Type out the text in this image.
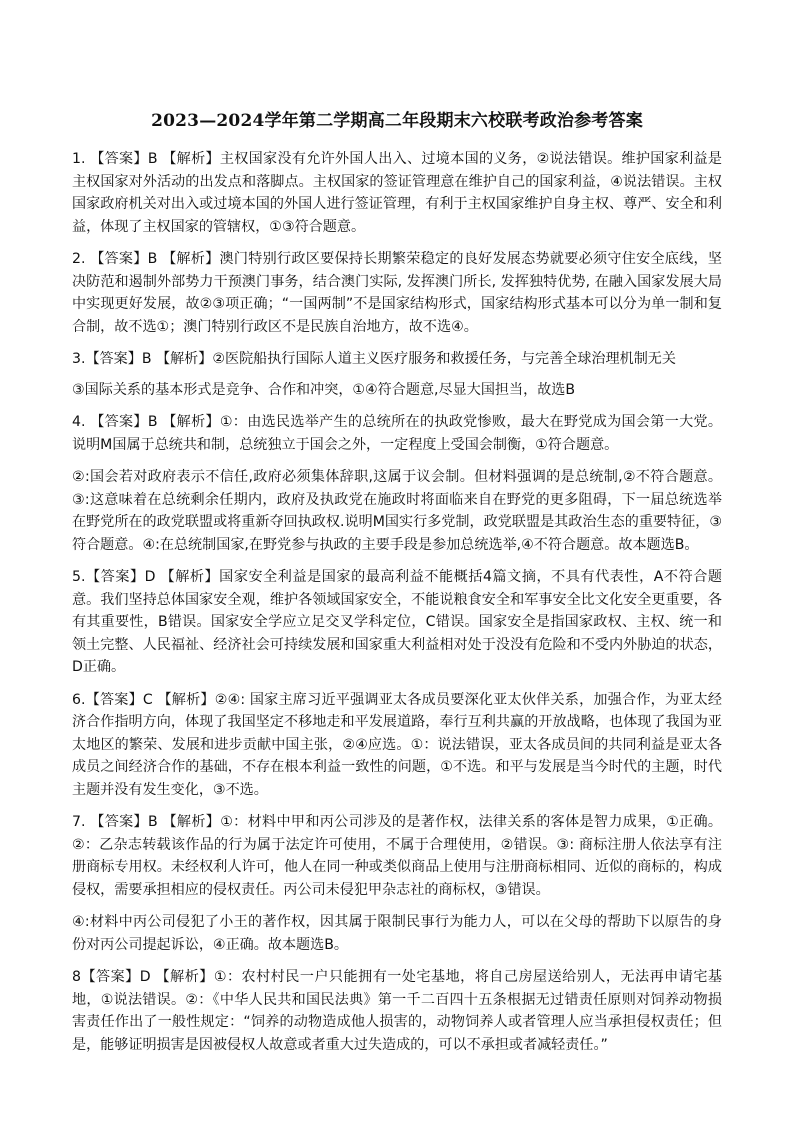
2023—2024学年第二学期高二年段期末六校联考政治参考答案

1. 【答案】B 【解析】主权国家没有允许外国人出入、过境本国的义务，②说法错误。维护国家利益是主权国家对外活动的出发点和落脚点。主权国家的签证管理意在维护自己的国家利益，④说法错误。主权国家政府机关对出入或过境本国的外国人进行签证管理，有利于主权国家维护自身主权、尊严、安全和利益，体现了主权国家的管辖权，①③符合题意。

2. 【答案】B 【解析】澳门特别行政区要保持长期繁荣稳定的良好发展态势就要必须守住安全底线，坚决防范和遏制外部势力干预澳门事务，结合澳门实际, 发挥澳门所长, 发挥独特优势, 在融入国家发展大局中实现更好发展，故②③项正确；“一国两制”不是国家结构形式，国家结构形式基本可以分为单一制和复合制，故不选①；澳门特别行政区不是民族自治地方，故不选④。

3.【答案】B 【解析】②医院船执行国际人道主义医疗服务和救援任务，与完善全球治理机制无关

③国际关系的基本形式是竞争、合作和冲突，①④符合题意,尽显大国担当，故选B

4. 【答案】B 【解析】①：由选民选举产生的总统所在的执政党惨败，最大在野党成为国会第一大党。说明M国属于总统共和制，总统独立于国会之外，一定程度上受国会制衡，①符合题意。

②:国会若对政府表示不信任,政府必须集体辞职,这属于议会制。但材料强调的是总统制,②不符合题意。③:这意味着在总统剩余任期内，政府及执政党在施政时将面临来自在野党的更多阻碍，下一届总统选举在野党所在的政党联盟或将重新夺回执政权.说明M国实行多党制，政党联盟是其政治生态的重要特征，③符合题意。④:在总统制国家,在野党参与执政的主要手段是参加总统选举,④不符合题意。故本题选B。

5.【答案】D 【解析】国家安全利益是国家的最高利益不能概括4篇文摘，不具有代表性，A不符合题意。我们坚持总体国家安全观，维护各领域国家安全，不能说粮食安全和军事安全比文化安全更重要，各有其重要性，B错误。国家安全学应立足交叉学科定位，C错误。国家安全是指国家政权、主权、统一和领土完整、人民福祉、经济社会可持续发展和国家重大利益相对处于没没有危险和不受内外胁迫的状态，D正确。

6.【答案】C 【解析】②④: 国家主席习近平强调亚太各成员要深化亚太伙伴关系，加强合作，为亚太经济合作指明方向，体现了我国坚定不移地走和平发展道路，奉行互利共赢的开放战略，也体现了我国为亚太地区的繁荣、发展和进步贡献中国主张，②④应选。①：说法错误，亚太各成员间的共同利益是亚太各成员之间经济合作的基础，不存在根本利益一致性的问题，①不选。和平与发展是当今时代的主题，时代主题并没有发生变化，③不选。

7. 【答案】B 【解析】①：材料中甲和丙公司涉及的是著作权，法律关系的客体是智力成果，①正确。 ②：乙杂志转载该作品的行为属于法定许可使用，不属于合理使用，②错误。③: 商标注册人依法享有注册商标专用权。未经权利人许可，他人在同一种或类似商品上使用与注册商标相同、近似的商标的，构成侵权，需要承担相应的侵权责任。丙公司未侵犯甲杂志社的商标权，③错误。

④:材料中丙公司侵犯了小王的著作权，因其属于限制民事行为能力人，可以在父母的帮助下以原告的身份对丙公司提起诉讼，④正确。故本题选B。

8【答案】D 【解析】①：农村村民一户只能拥有一处宅基地，将自己房屋送给别人，无法再申请宅基地，①说法错误。②：《中华人民共和国民法典》第一千二百四十五条根据无过错责任原则对饲养动物损害责任作出了一般性规定：“饲养的动物造成他人损害的，动物饲养人或者管理人应当承担侵权责任；但是，能够证明损害是因被侵权人故意或者重大过失造成的，可以不承担或者减轻责任。”
